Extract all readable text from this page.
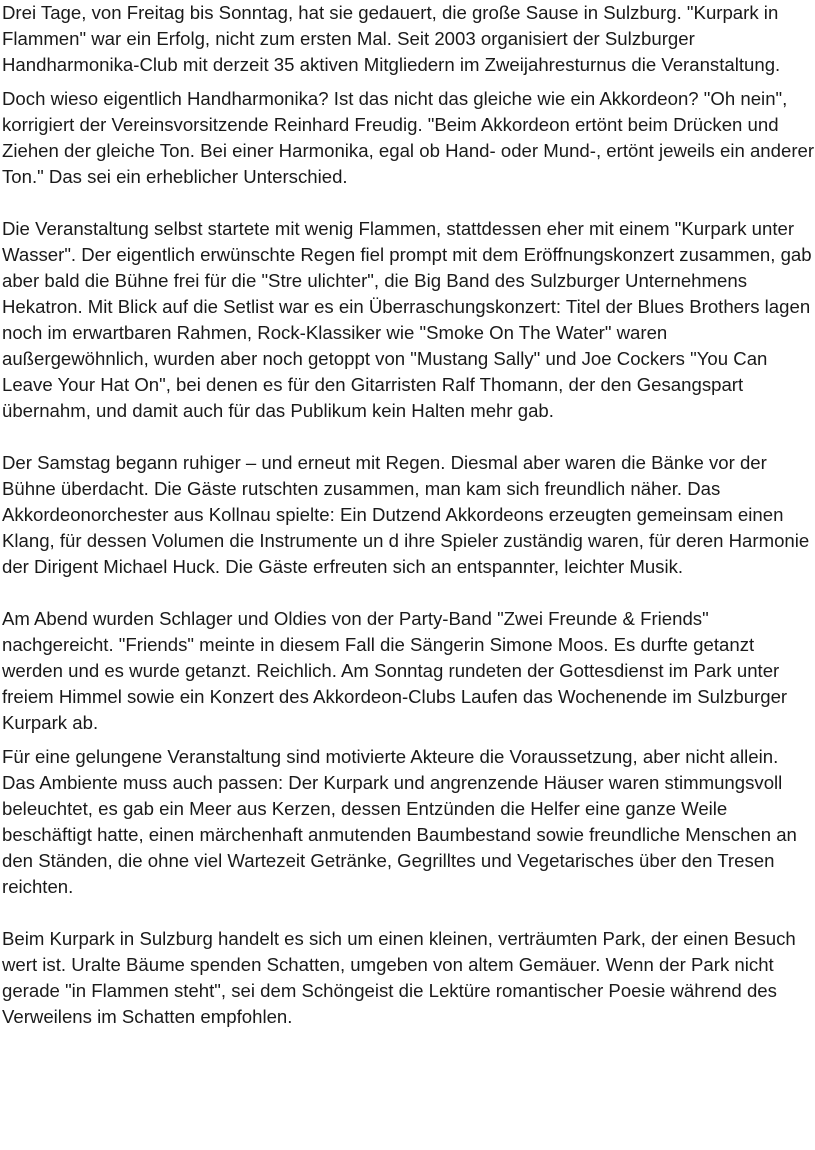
Drei Tage, von Freitag bis Sonntag, hat sie gedauert, die große Sause in Sulzburg. "Kurpark in Flammen" war ein Erfolg, nicht zum ersten Mal. Seit 2003 organisiert der Sulzburger Handharmonika-Club mit derzeit 35 aktiven Mitgliedern im Zweijahresturnus die Veranstaltung.

Doch wieso eigentlich Handharmonika? Ist das nicht das gleiche wie ein Akkordeon? "Oh nein", korrigiert der Vereinsvorsitzende Reinhard Freudig. "Beim Akkordeon ertönt beim Drücken und Ziehen der gleiche Ton. Bei einer Harmonika, egal ob Hand- oder Mund-, ertönt jeweils ein anderer Ton." Das sei ein erheblicher Unterschied.

Die Veranstaltung selbst startete mit wenig Flammen, stattdessen eher mit einem "Kurpark unter Wasser". Der eigentlich erwünschte Regen fiel prompt mit dem Eröffnungskonzert zusammen, gab aber bald die Bühne frei für die "Stre ulichter", die Big Band des Sulzburger Unternehmens Hekatron. Mit Blick auf die Setlist war es ein Überraschungskonzert: Titel der Blues Brothers lagen noch im erwartbaren Rahmen, Rock-Klassiker wie "Smoke On The Water" waren außergewöhnlich, wurden aber noch getoppt von "Mustang Sally" und Joe Cockers "You Can Leave Your Hat On", bei denen es für den Gitarristen Ralf Thomann, der den Gesangspart übernahm, und damit auch für das Publikum kein Halten mehr gab.

Der Samstag begann ruhiger – und erneut mit Regen. Diesmal aber waren die Bänke vor der Bühne überdacht. Die Gäste rutschten zusammen, man kam sich freundlich näher. Das Akkordeonorchester aus Kollnau spielte: Ein Dutzend Akkordeons erzeugten gemeinsam einen Klang, für dessen Volumen die Instrumente un d ihre Spieler zuständig waren, für deren Harmonie der Dirigent Michael Huck. Die Gäste erfreuten sich an entspannter, leichter Musik.

Am Abend wurden Schlager und Oldies von der Party-Band "Zwei Freunde & Friends" nachgereicht. "Friends" meinte in diesem Fall die Sängerin Simone Moos. Es durfte getanzt werden und es wurde getanzt. Reichlich. Am Sonntag rundeten der Gottesdienst im Park unter freiem Himmel sowie ein Konzert des Akkordeon-Clubs Laufen das Wochenende im Sulzburger Kurpark ab.

Für eine gelungene Veranstaltung sind motivierte Akteure die Voraussetzung, aber nicht allein. Das Ambiente muss auch passen: Der Kurpark und angrenzende Häuser waren stimmungsvoll beleuchtet, es gab ein Meer aus Kerzen, dessen Entzünden die Helfer eine ganze Weile beschäftigt hatte, einen märchenhaft anmutenden Baumbestand sowie freundliche Menschen an den Ständen, die ohne viel Wartezeit Getränke, Gegrilltes und Vegetarisches über den Tresen reichten.

Beim Kurpark in Sulzburg handelt es sich um einen kleinen, verträumten Park, der einen Besuch wert ist. Uralte Bäume spenden Schatten, umgeben von altem Gemäuer. Wenn der Park nicht gerade "in Flammen steht", sei dem Schöngeist die Lektüre romantischer Poesie während des Verweilens im Schatten empfohlen.
